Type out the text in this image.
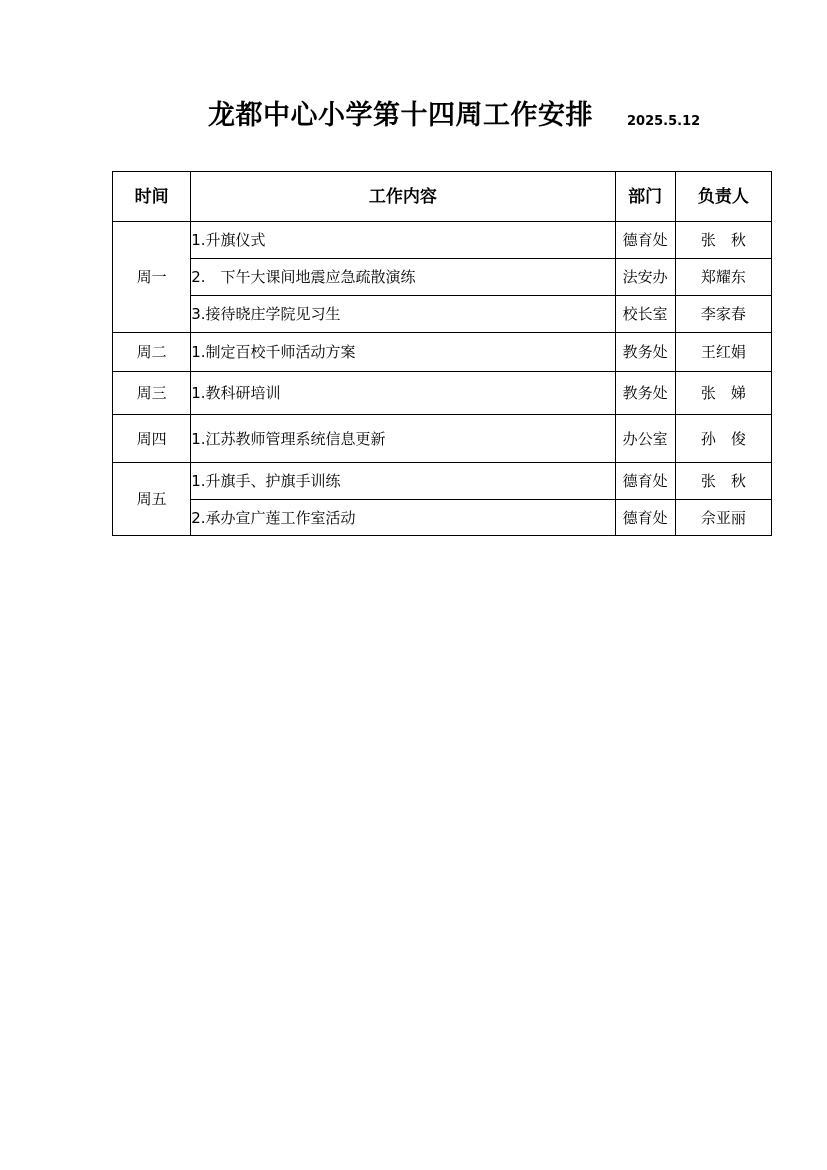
龙都中心小学第十四周工作安排	2025.5.12
时间	工作内容	部门	负责人
周一	1.升旗仪式	德育处	张　秋
	2.　下午大课间地震应急疏散演练	法安办	郑耀东
	3.接待晓庄学院见习生	校长室	李家春
周二	1.制定百校千师活动方案	教务处	王红娟
周三	1.教科研培训	教务处	张　娣
周四	1.江苏教师管理系统信息更新	办公室	孙　俊
周五	1.升旗手、护旗手训练	德育处	张　秋
	2.承办宣广莲工作室活动	德育处	佘亚丽
